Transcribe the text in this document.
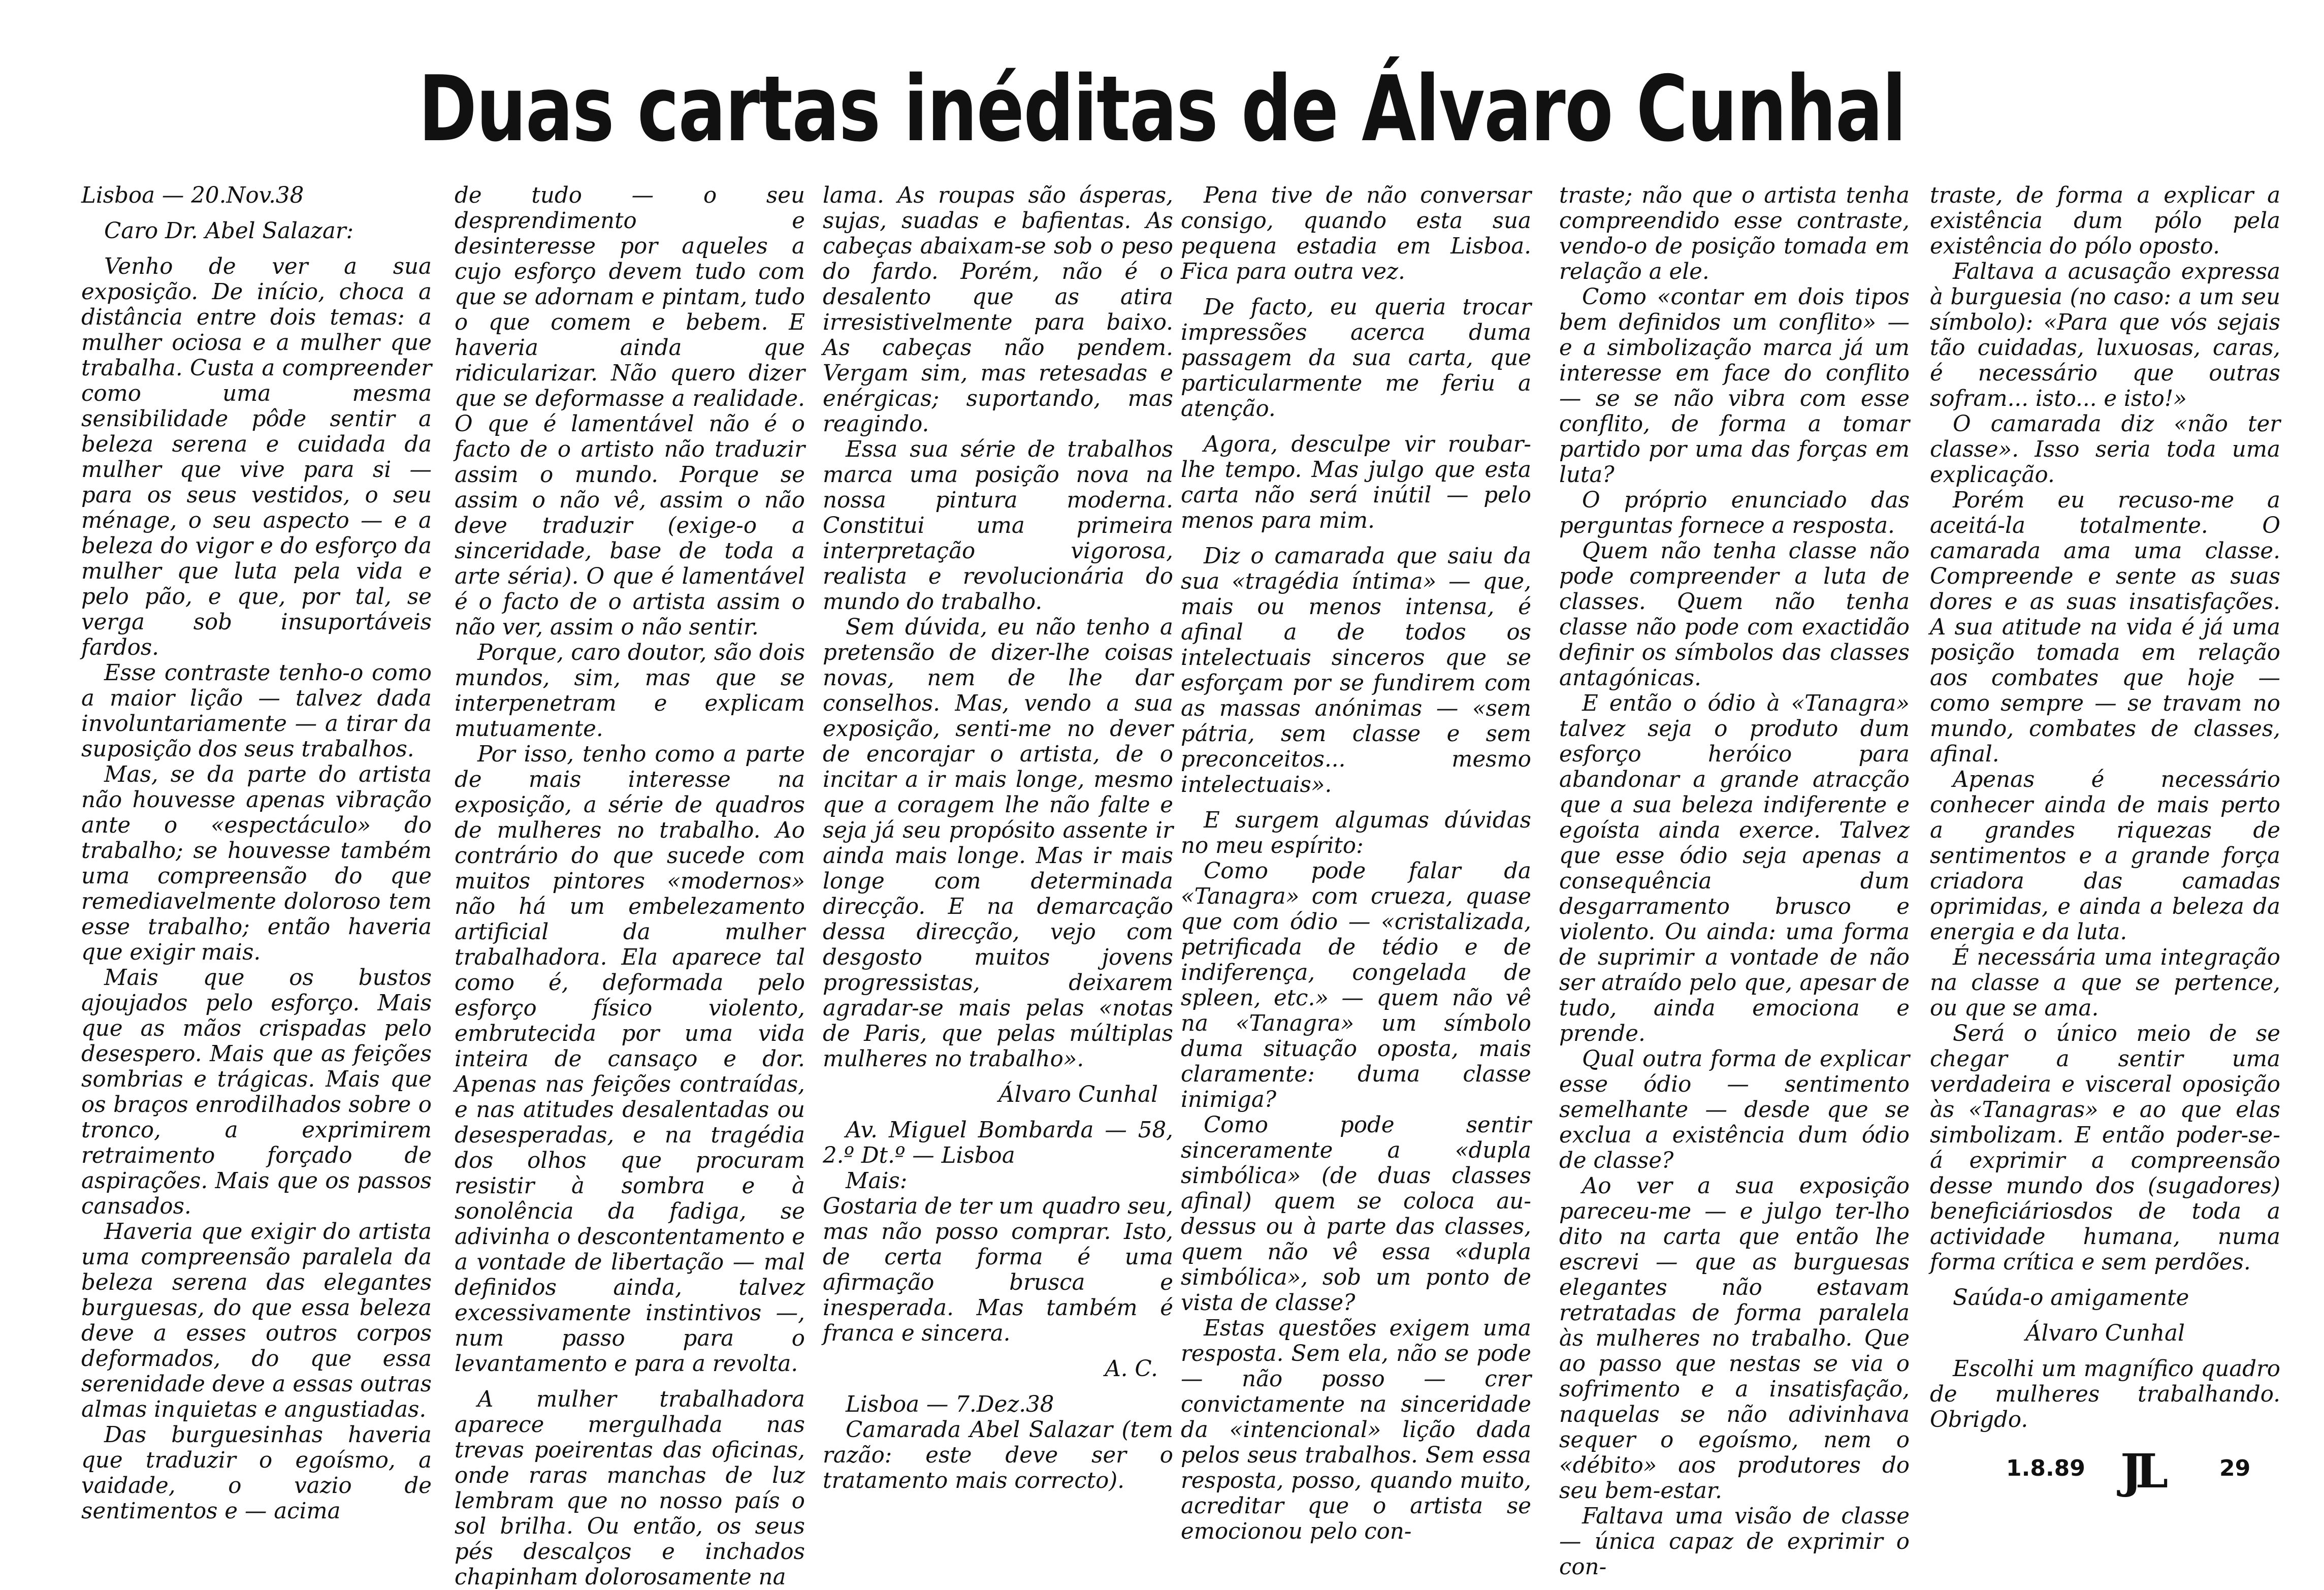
Duas cartas inéditas de Álvaro Cunhal

Lisboa — 20.Nov.38

Caro Dr. Abel Salazar:

Venho de ver a sua exposição. De início, choca a distância entre dois temas: a mulher ociosa e a mulher que trabalha. Custa a compreender como uma mesma sensibilidade pôde sentir a beleza serena e cuidada da mulher que vive para si — para os seus vestidos, o seu ménage, o seu aspecto — e a beleza do vigor e do esforço da mulher que luta pela vida e pelo pão, e que, por tal, se verga sob insuportáveis fardos.

Esse contraste tenho-o como a maior lição — talvez dada involuntariamente — a tirar da suposição dos seus trabalhos.

Mas, se da parte do artista não houvesse apenas vibração ante o «espectáculo» do trabalho; se houvesse também uma compreensão do que remediavelmente doloroso tem esse trabalho; então haveria que exigir mais.

Mais que os bustos ajoujados pelo esforço. Mais que as mãos crispadas pelo desespero. Mais que as feições sombrias e trágicas. Mais que os braços enrodilhados sobre o tronco, a exprimirem retraimento forçado de aspirações. Mais que os passos cansados.

Haveria que exigir do artista uma compreensão paralela da beleza serena das elegantes burguesas, do que essa beleza deve a esses outros corpos deformados, do que essa serenidade deve a essas outras almas inquietas e angustiadas.

Das burguesinhas haveria que traduzir o egoísmo, a vaidade, o vazio de sentimentos e — acima

de tudo — o seu desprendimento e desinteresse por aqueles a cujo esforço devem tudo com que se adornam e pintam, tudo o que comem e bebem. E haveria ainda que ridicularizar. Não quero dizer que se deformasse a realidade. O que é lamentável não é o facto de o artisto não traduzir assim o mundo. Porque se assim o não vê, assim o não deve traduzir (exige-o a sinceridade, base de toda a arte séria). O que é lamentável é o facto de o artista assim o não ver, assim o não sentir.

Porque, caro doutor, são dois mundos, sim, mas que se interpenetram e explicam mutuamente.

Por isso, tenho como a parte de mais interesse na exposição, a série de quadros de mulheres no trabalho. Ao contrário do que sucede com muitos pintores «modernos» não há um embelezamento artificial da mulher trabalhadora. Ela aparece tal como é, deformada pelo esforço físico violento, embrutecida por uma vida inteira de cansaço e dor. Apenas nas feições contraídas, e nas atitudes desalentadas ou desesperadas, e na tragédia dos olhos que procuram resistir à sombra e à sonolência da fadiga, se adivinha o descontentamento e a vontade de libertação — mal definidos ainda, talvez excessivamente instintivos —, num passo para o levantamento e para a revolta.

A mulher trabalhadora aparece mergulhada nas trevas poeirentas das oficinas, onde raras manchas de luz lembram que no nosso país o sol brilha. Ou então, os seus pés descalços e inchados chapinham dolorosamente na

lama. As roupas são ásperas, sujas, suadas e bafientas. As cabeças abaixam-se sob o peso do fardo. Porém, não é o desalento que as atira irresistivelmente para baixo. As cabeças não pendem. Vergam sim, mas retesadas e enérgicas; suportando, mas reagindo.

Essa sua série de trabalhos marca uma posição nova na nossa pintura moderna. Constitui uma primeira interpretação vigorosa, realista e revolucionária do mundo do trabalho.

Sem dúvida, eu não tenho a pretensão de dizer-lhe coisas novas, nem de lhe dar conselhos. Mas, vendo a sua exposição, senti-me no dever de encorajar o artista, de o incitar a ir mais longe, mesmo que a coragem lhe não falte e seja já seu propósito assente ir ainda mais longe. Mas ir mais longe com determinada direcção. E na demarcação dessa direcção, vejo com desgosto muitos jovens progressistas, deixarem agradar-se mais pelas «notas de Paris, que pelas múltiplas mulheres no trabalho».

Álvaro Cunhal

Av. Miguel Bombarda — 58, 2.º Dt.º — Lisboa

Mais:

Gostaria de ter um quadro seu, mas não posso comprar. Isto, de certa forma é uma afirmação brusca e inesperada. Mas também é franca e sincera.

A. C.

Lisboa — 7.Dez.38

Camarada Abel Salazar (tem razão: este deve ser o tratamento mais correcto).

Pena tive de não conversar consigo, quando esta sua pequena estadia em Lisboa. Fica para outra vez.

De facto, eu queria trocar impressões acerca duma passagem da sua carta, que particularmente me feriu a atenção.

Agora, desculpe vir roubar-lhe tempo. Mas julgo que esta carta não será inútil — pelo menos para mim.

Diz o camarada que saiu da sua «tragédia íntima» — que, mais ou menos intensa, é afinal a de todos os intelectuais sinceros que se esforçam por se fundirem com as massas anónimas — «sem pátria, sem classe e sem preconceitos... mesmo intelectuais».

E surgem algumas dúvidas no meu espírito:

Como pode falar da «Tanagra» com crueza, quase que com ódio — «cristalizada, petrificada de tédio e de indiferença, congelada de spleen, etc.» — quem não vê na «Tanagra» um símbolo duma situação oposta, mais claramente: duma classe inimiga?

Como pode sentir sinceramente a «dupla simbólica» (de duas classes afinal) quem se coloca au-dessus ou à parte das classes, quem não vê essa «dupla simbólica», sob um ponto de vista de classe?

Estas questões exigem uma resposta. Sem ela, não se pode — não posso — crer convictamente na sinceridade da «intencional» lição dada pelos seus trabalhos. Sem essa resposta, posso, quando muito, acreditar que o artista se emocionou pelo con-

traste; não que o artista tenha compreendido esse contraste, vendo-o de posição tomada em relação a ele.

Como «contar em dois tipos bem definidos um conflito» — e a simbolização marca já um interesse em face do conflito — se se não vibra com esse conflito, de forma a tomar partido por uma das forças em luta?

O próprio enunciado das perguntas fornece a resposta.

Quem não tenha classe não pode compreender a luta de classes. Quem não tenha classe não pode com exactidão definir os símbolos das classes antagónicas.

E então o ódio à «Tanagra» talvez seja o produto dum esforço heróico para abandonar a grande atracção que a sua beleza indiferente e egoísta ainda exerce. Talvez que esse ódio seja apenas a consequência dum desgarramento brusco e violento. Ou ainda: uma forma de suprimir a vontade de não ser atraído pelo que, apesar de tudo, ainda emociona e prende.

Qual outra forma de explicar esse ódio — sentimento semelhante — desde que se exclua a existência dum ódio de classe?

Ao ver a sua exposição pareceu-me — e julgo ter-lho dito na carta que então lhe escrevi — que as burguesas elegantes não estavam retratadas de forma paralela às mulheres no trabalho. Que ao passo que nestas se via o sofrimento e a insatisfação, naquelas se não adivinhava sequer o egoísmo, nem o «débito» aos produtores do seu bem-estar.

Faltava uma visão de classe — única capaz de exprimir o con-

traste, de forma a explicar a existência dum pólo pela existência do pólo oposto.

Faltava a acusação expressa à burguesia (no caso: a um seu símbolo): «Para que vós sejais tão cuidadas, luxuosas, caras, é necessário que outras sofram... isto... e isto!»

O camarada diz «não ter classe». Isso seria toda uma explicação.

Porém eu recuso-me a aceitá-la totalmente. O camarada ama uma classe. Compreende e sente as suas dores e as suas insatisfações. A sua atitude na vida é já uma posição tomada em relação aos combates que hoje — como sempre — se travam no mundo, combates de classes, afinal.

Apenas é necessário conhecer ainda de mais perto a grandes riquezas de sentimentos e a grande força criadora das camadas oprimidas, e ainda a beleza da energia e da luta.

É necessária uma integração na classe a que se pertence, ou que se ama.

Será o único meio de se chegar a sentir uma verdadeira e visceral oposição às «Tanagras» e ao que elas simbolizam. E então poder-se-á exprimir a compreensão desse mundo dos (sugadores) beneficiáriosdos de toda a actividade humana, numa forma crítica e sem perdões.

Saúda-o amigamente

Álvaro Cunhal

Escolhi um magnífico quadro de mulheres trabalhando. Obrigdo.

1.8.89 JL	29
